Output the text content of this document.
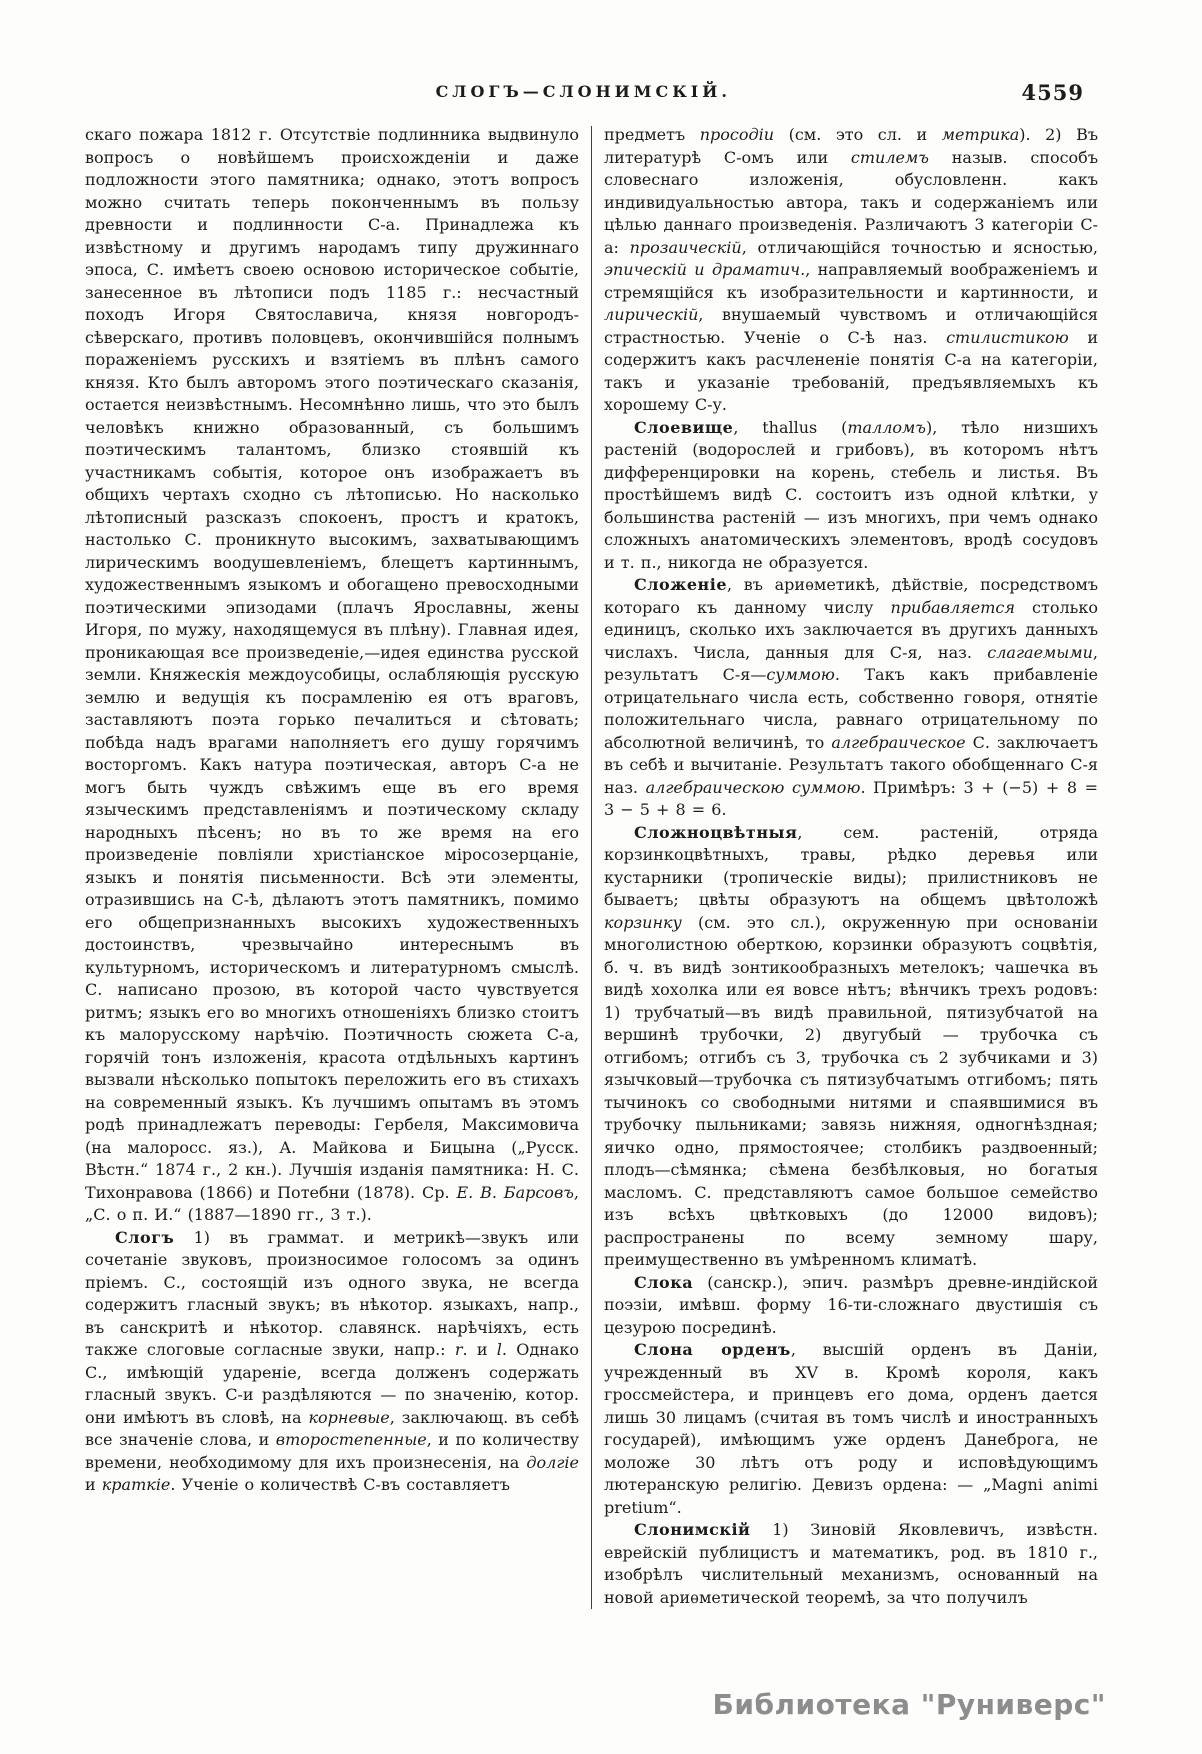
СЛОГЪ—СЛОНИМСКІЙ.	4559

скаго пожара 1812 г. Отсутствіе подлинника выдвинуло вопросъ о новѣйшемъ происхожденіи и даже подложности этого памятника; однако, этотъ вопросъ можно считать теперь поконченнымъ въ пользу древности и подлинности С-а. Принадлежа къ извѣстному и другимъ народамъ типу дружиннаго эпоса, С. имѣетъ своею основою историческое событіе, занесенное въ лѣтописи подъ 1185 г.: несчастный походъ Игоря Святославича, князя новгородъ-сѣверскаго, противъ половцевъ, окончившійся полнымъ пораженіемъ русскихъ и взятіемъ въ плѣнъ самого князя. Кто былъ авторомъ этого поэтическаго сказанія, остается неизвѣстнымъ. Несомнѣнно лишь, что это былъ человѣкъ книжно образованный, съ большимъ поэтическимъ талантомъ, близко стоявшій къ участникамъ событія, которое онъ изображаетъ въ общихъ чертахъ сходно съ лѣтописью. Но насколько лѣтописный разсказъ спокоенъ, простъ и кратокъ, настолько С. проникнуто высокимъ, захватывающимъ лирическимъ воодушевленіемъ, блещетъ картиннымъ, художественнымъ языкомъ и обогащено превосходными поэтическими эпизодами (плачъ Ярославны, жены Игоря, по мужу, находящемуся въ плѣну). Главная идея, проникающая все произведеніе,—идея единства русской земли. Княжескія междоусобицы, ослабляющія русскую землю и ведущія къ посрамленію ея отъ враговъ, заставляютъ поэта горько печалиться и сѣтовать; побѣда надъ врагами наполняетъ его душу горячимъ восторгомъ. Какъ натура поэтическая, авторъ С-а не могъ быть чуждъ свѣжимъ еще въ его время языческимъ представленіямъ и поэтическому складу народныхъ пѣсенъ; но въ то же время на его произведеніе повліяли христіанское міросозерцаніе, языкъ и понятія письменности. Всѣ эти элементы, отразившись на С-ѣ, дѣлаютъ этотъ памятникъ, помимо его общепризнанныхъ высокихъ художественныхъ достоинствъ, чрезвычайно интереснымъ въ культурномъ, историческомъ и литературномъ смыслѣ. С. написано прозою, въ которой часто чувствуется ритмъ; языкъ его во многихъ отношеніяхъ близко стоитъ къ малорусскому нарѣчію. Поэтичность сюжета С-а, горячій тонъ изложенія, красота отдѣльныхъ картинъ вызвали нѣсколько попытокъ переложить его въ стихахъ на современный языкъ. Къ лучшимъ опытамъ въ этомъ родѣ принадлежатъ переводы: Гербеля, Максимовича (на малоросс. яз.), А. Майкова и Бицына („Русск. Вѣстн.“ 1874 г., 2 кн.). Лучшія изданія памятника: Н. С. Тихонравова (1866) и Потебни (1878). Ср. Е. В. Барсовъ, „С. о п. И.“ (1887—1890 гг., 3 т.).

Слогъ 1) въ граммат. и метрикѣ—звукъ или сочетаніе звуковъ, произносимое голосомъ за одинъ пріемъ. С., состоящій изъ одного звука, не всегда содержитъ гласный звукъ; въ нѣкотор. языкахъ, напр., въ санскритѣ и нѣкотор. славянск. нарѣчіяхъ, есть также слоговые согласные звуки, напр.: r. и l. Однако С., имѣющій удареніе, всегда долженъ содержать гласный звукъ. С-и раздѣляются — по значенію, котор. они имѣютъ въ словѣ, на корневые, заключающ. въ себѣ все значеніе слова, и второстепенные, и по количеству времени, необходимому для ихъ произнесенія, на долгіе и краткіе. Ученіе о количествѣ С-въ составляетъ

предметъ просодіи (см. это сл. и метрика). 2) Въ литературѣ С-омъ или стилемъ назыв. способъ словеснаго изложенія, обусловленн. какъ индивидуальностью автора, такъ и содержаніемъ или цѣлью даннаго произведенія. Различаютъ 3 категоріи С-а: прозаическій, отличающійся точностью и ясностью, эпическій и драматич., направляемый воображеніемъ и стремящійся къ изобразительности и картинности, и лирическій, внушаемый чувствомъ и отличающійся страстностью. Ученіе о С-ѣ наз. стилистикою и содержитъ какъ расчлененіе понятія С-а на категоріи, такъ и указаніе требованій, предъявляемыхъ къ хорошему С-у.

Слоевище, thallus (талломъ), тѣло низшихъ растеній (водорослей и грибовъ), въ которомъ нѣтъ дифференцировки на корень, стебель и листья. Въ простѣйшемъ видѣ С. состоитъ изъ одной клѣтки, у большинства растеній — изъ многихъ, при чемъ однако сложныхъ анатомическихъ элементовъ, вродѣ сосудовъ и т. п., никогда не образуется.

Сложеніе, въ ариѳметикѣ, дѣйствіе, посредствомъ котораго къ данному числу прибавляется столько единицъ, сколько ихъ заключается въ другихъ данныхъ числахъ. Числа, данныя для С-я, наз. слагаемыми, результатъ С-я—суммою. Такъ какъ прибавленіе отрицательнаго числа есть, собственно говоря, отнятіе положительнаго числа, равнаго отрицательному по абсолютной величинѣ, то алгебраическое С. заключаетъ въ себѣ и вычитаніе. Результатъ такого обобщеннаго С-я наз. алгебраическою суммою. Примѣръ: 3 + (−5) + 8 = 3 − 5 + 8 = 6.

Сложноцвѣтныя, сем. растеній, отряда корзинкоцвѣтныхъ, травы, рѣдко деревья или кустарники (тропическіе виды); прилистниковъ не бываетъ; цвѣты образуютъ на общемъ цвѣтоложѣ корзинку (см. это сл.), окруженную при основаніи многолистною оберткою, корзинки образуютъ соцвѣтія, б. ч. въ видѣ зонтикообразныхъ метелокъ; чашечка въ видѣ хохолка или ея вовсе нѣтъ; вѣнчикъ трехъ родовъ: 1) трубчатый—въ видѣ правильной, пятизубчатой на вершинѣ трубочки, 2) двугубый — трубочка съ отгибомъ; отгибъ съ 3, трубочка съ 2 зубчиками и 3) язычковый—трубочка съ пятизубчатымъ отгибомъ; пять тычинокъ со свободными нитями и спаявшимися въ трубочку пыльниками; завязь нижняя, одногнѣздная; яичко одно, прямостоячее; столбикъ раздвоенный; плодъ—сѣмянка; сѣмена безбѣлковыя, но богатыя масломъ. С. представляютъ самое большое семейство изъ всѣхъ цвѣтковыхъ (до 12000 видовъ); распространены по всему земному шару, преимущественно въ умѣренномъ климатѣ.

Слока (санскр.), эпич. размѣръ древне-индійской поэзіи, имѣвш. форму 16-ти-сложнаго двустишія съ цезурою посрединѣ.

Слона орденъ, высшій орденъ въ Даніи, учрежденный въ XV в. Кромѣ короля, какъ гроссмейстера, и принцевъ его дома, орденъ дается лишь 30 лицамъ (считая въ томъ числѣ и иностранныхъ государей), имѣющимъ уже орденъ Данеброга, не моложе 30 лѣтъ отъ роду и исповѣдующимъ лютеранскую религію. Девизъ ордена: — „Magni animi pretium“.

Слонимскій 1) Зиновій Яковлевичъ, извѣстн. еврейскій публицистъ и математикъ, род. въ 1810 г., изобрѣлъ числительный механизмъ, основанный на новой ариѳметической теоремѣ, за что получилъ

Библиотека "Руниверс"
